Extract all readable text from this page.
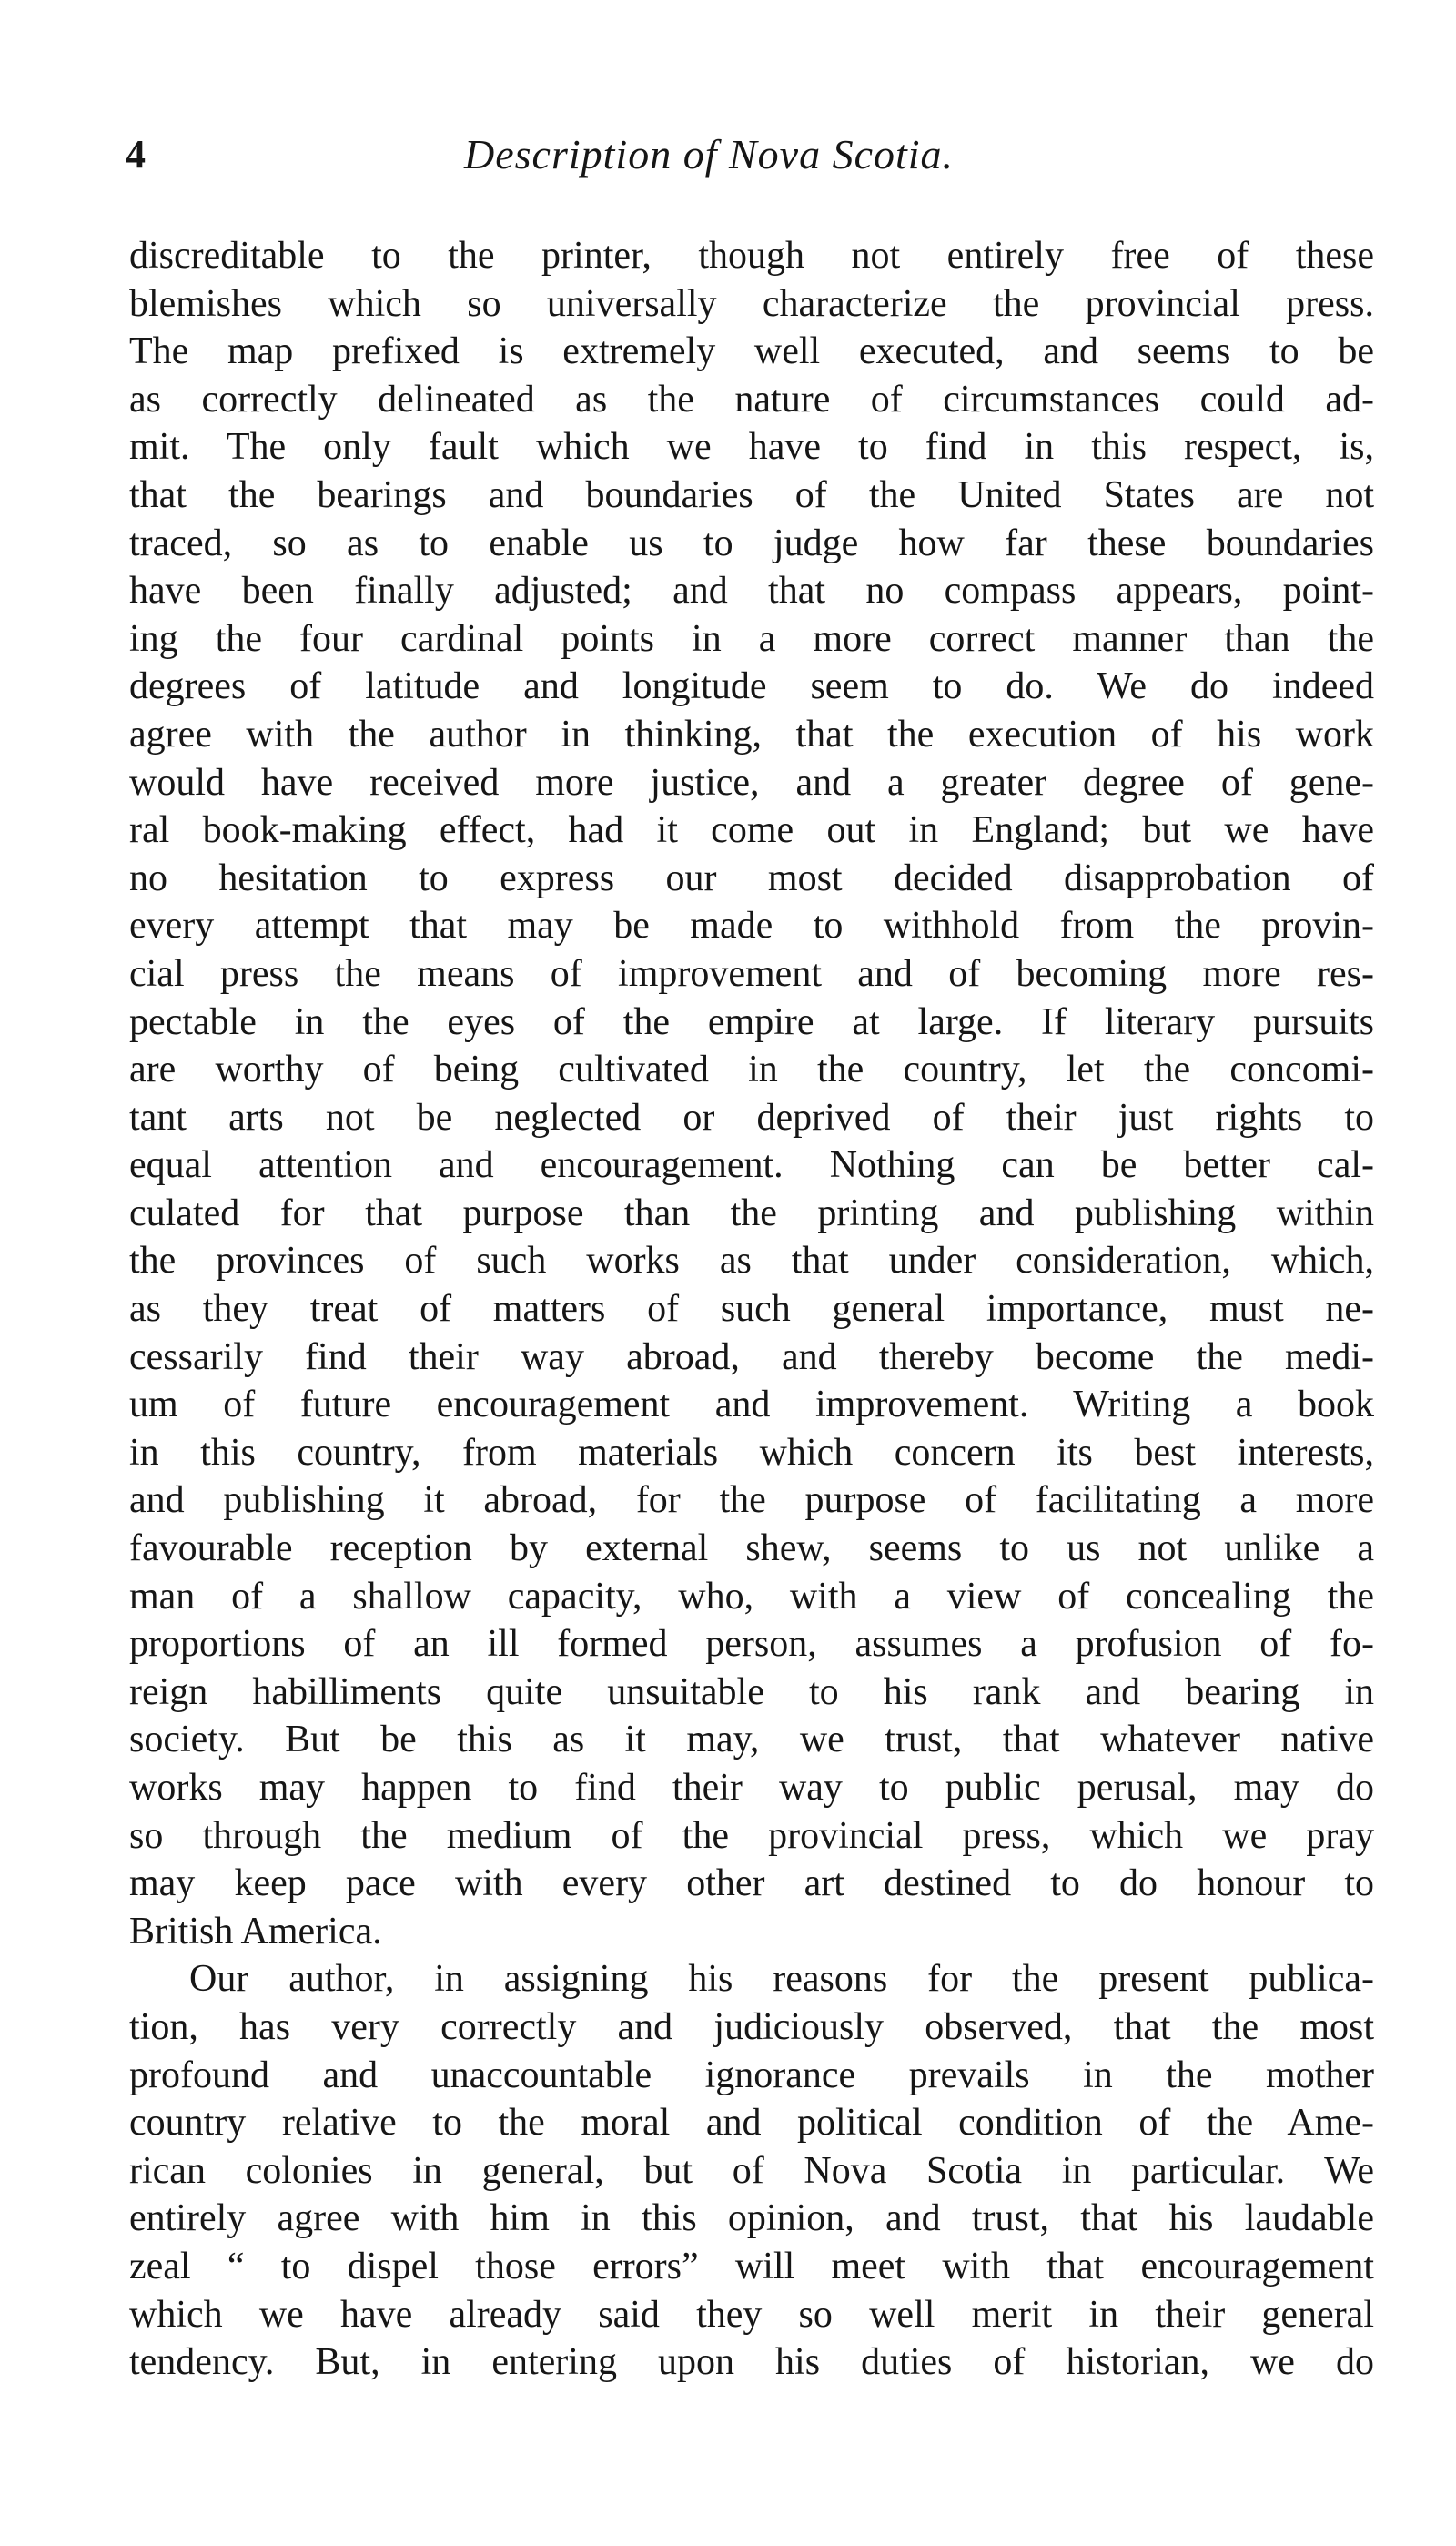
4	Description of Nova Scotia.
discreditable to the printer, though not entirely free of these
blemishes which so universally characterize the provincial press.
The map prefixed is extremely well executed, and seems to be
as correctly delineated as the nature of circumstances could ad-
mit. The only fault which we have to find in this respect, is,
that the bearings and boundaries of the United States are not
traced, so as to enable us to judge how far these boundaries
have been finally adjusted; and that no compass appears, point-
ing the four cardinal points in a more correct manner than the
degrees of latitude and longitude seem to do. We do indeed
agree with the author in thinking, that the execution of his work
would have received more justice, and a greater degree of gene-
ral book-making effect, had it come out in England; but we have
no hesitation to express our most decided disapprobation of
every attempt that may be made to withhold from the provin-
cial press the means of improvement and of becoming more res-
pectable in the eyes of the empire at large. If literary pursuits
are worthy of being cultivated in the country, let the concomi-
tant arts not be neglected or deprived of their just rights to
equal attention and encouragement. Nothing can be better cal-
culated for that purpose than the printing and publishing within
the provinces of such works as that under consideration, which,
as they treat of matters of such general importance, must ne-
cessarily find their way abroad, and thereby become the medi-
um of future encouragement and improvement. Writing a book
in this country, from materials which concern its best interests,
and publishing it abroad, for the purpose of facilitating a more
favourable reception by external shew, seems to us not unlike a
man of a shallow capacity, who, with a view of concealing the
proportions of an ill formed person, assumes a profusion of fo-
reign habilliments quite unsuitable to his rank and bearing in
society. But be this as it may, we trust, that whatever native
works may happen to find their way to public perusal, may do
so through the medium of the provincial press, which we pray
may keep pace with every other art destined to do honour to
British America.
Our author, in assigning his reasons for the present publica-
tion, has very correctly and judiciously observed, that the most
profound and unaccountable ignorance prevails in the mother
country relative to the moral and political condition of the Ame-
rican colonies in general, but of Nova Scotia in particular. We
entirely agree with him in this opinion, and trust, that his laudable
zeal “ to dispel those errors” will meet with that encouragement
which we have already said they so well merit in their general
tendency. But, in entering upon his duties of historian, we do
